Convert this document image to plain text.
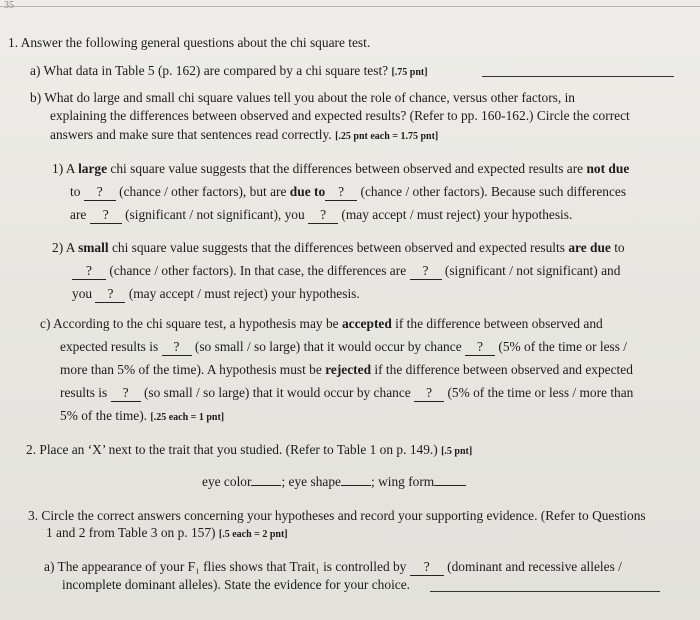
35
1. Answer the following general questions about the chi square test.
a) What data in Table 5 (p. 162) are compared by a chi square test? [.75 pnt]
b) What do large and small chi square values tell you about the role of chance, versus other factors, in
explaining the differences between observed and expected results? (Refer to pp. 160-162.) Circle the correct
answers and make sure that sentences read correctly. [.25 pnt each = 1.75 pnt]
1) A large chi square value suggests that the differences between observed and expected results are not due
to ? (chance / other factors), but are due to ? (chance / other factors). Because such differences
are ? (significant / not significant), you ? (may accept / must reject) your hypothesis.
2) A small chi square value suggests that the differences between observed and expected results are due to
? (chance / other factors). In that case, the differences are ? (significant / not significant) and
you ? (may accept / must reject) your hypothesis.
c) According to the chi square test, a hypothesis may be accepted if the difference between observed and
expected results is ? (so small / so large) that it would occur by chance ? (5% of the time or less /
more than 5% of the time). A hypothesis must be rejected if the difference between observed and expected
results is ? (so small / so large) that it would occur by chance ? (5% of the time or less / more than
5% of the time). [.25 each = 1 pnt]
2. Place an ‘X’ next to the trait that you studied. (Refer to Table 1 on p. 149.) [.5 pnt]
eye color ; eye shape ; wing form
3. Circle the correct answers concerning your hypotheses and record your supporting evidence. (Refer to Questions
1 and 2 from Table 3 on p. 157) [.5 each = 2 pnt]
a) The appearance of your F₁ flies shows that Trait₁ is controlled by ? (dominant and recessive alleles /
incomplete dominant alleles). State the evidence for your choice.
